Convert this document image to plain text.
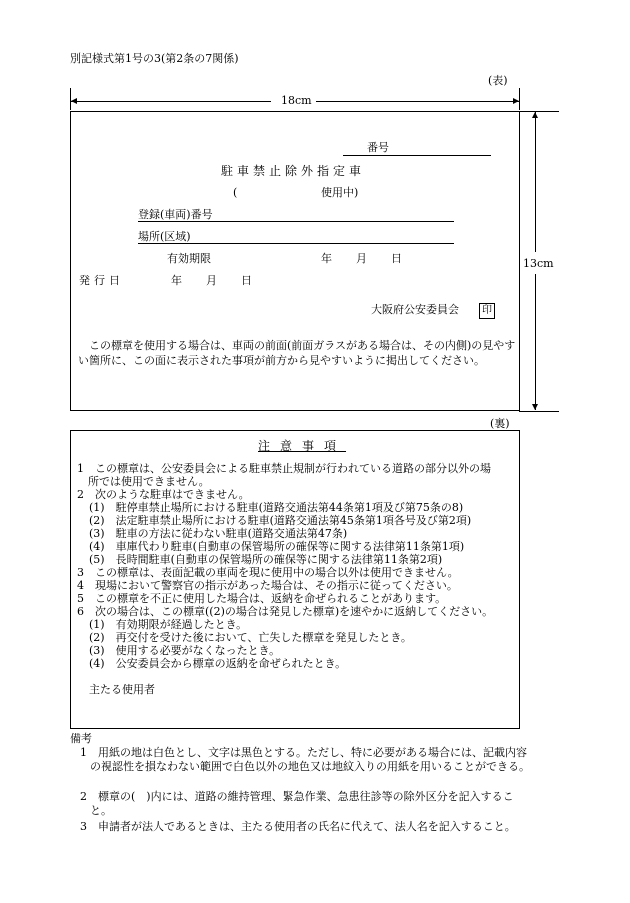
別記様式第1号の3(第2条の7関係)
(表)
18cm
13cm
番号
駐車禁止除外指定車
(	使用中)
登録(車両)番号
場所(区域)
有効期限	年 月 日
発行日	年 月 日
大阪府公安委員会	印
この標章を使用する場合は、車両の前面(前面ガラスがある場合は、その内側)の見やすい箇所に、この面に表示された事項が前方から見やすいように掲出してください。
(裏)
注意事項
1　この標章は、公安委員会による駐車禁止規制が行われている道路の部分以外の場
　所では使用できません。
2　次のような駐車はできません。
(1)　駐停車禁止場所における駐車(道路交通法第44条第1項及び第75条の8)
(2)　法定駐車禁止場所における駐車(道路交通法第45条第1項各号及び第2項)
(3)　駐車の方法に従わない駐車(道路交通法第47条)
(4)　車庫代わり駐車(自動車の保管場所の確保等に関する法律第11条第1項)
(5)　長時間駐車(自動車の保管場所の確保等に関する法律第11条第2項)
3　この標章は、表面記載の車両を現に使用中の場合以外は使用できません。
4　現場において警察官の指示があった場合は、その指示に従ってください。
5　この標章を不正に使用した場合は、返納を命ぜられることがあります。
6　次の場合は、この標章((2)の場合は発見した標章)を速やかに返納してください。
(1)　有効期限が経過したとき。
(2)　再交付を受けた後において、亡失した標章を発見したとき。
(3)　使用する必要がなくなったとき。
(4)　公安委員会から標章の返納を命ぜられたとき。
主たる使用者
備考
1　用紙の地は白色とし、文字は黒色とする。ただし、特に必要がある場合には、記載内容の視認性を損なわない範囲で白色以外の地色又は地紋入りの用紙を用いることができる。
2　標章の(　)内には、道路の維持管理、緊急作業、急患往診等の除外区分を記入すること。
3　申請者が法人であるときは、主たる使用者の氏名に代えて、法人名を記入すること。
